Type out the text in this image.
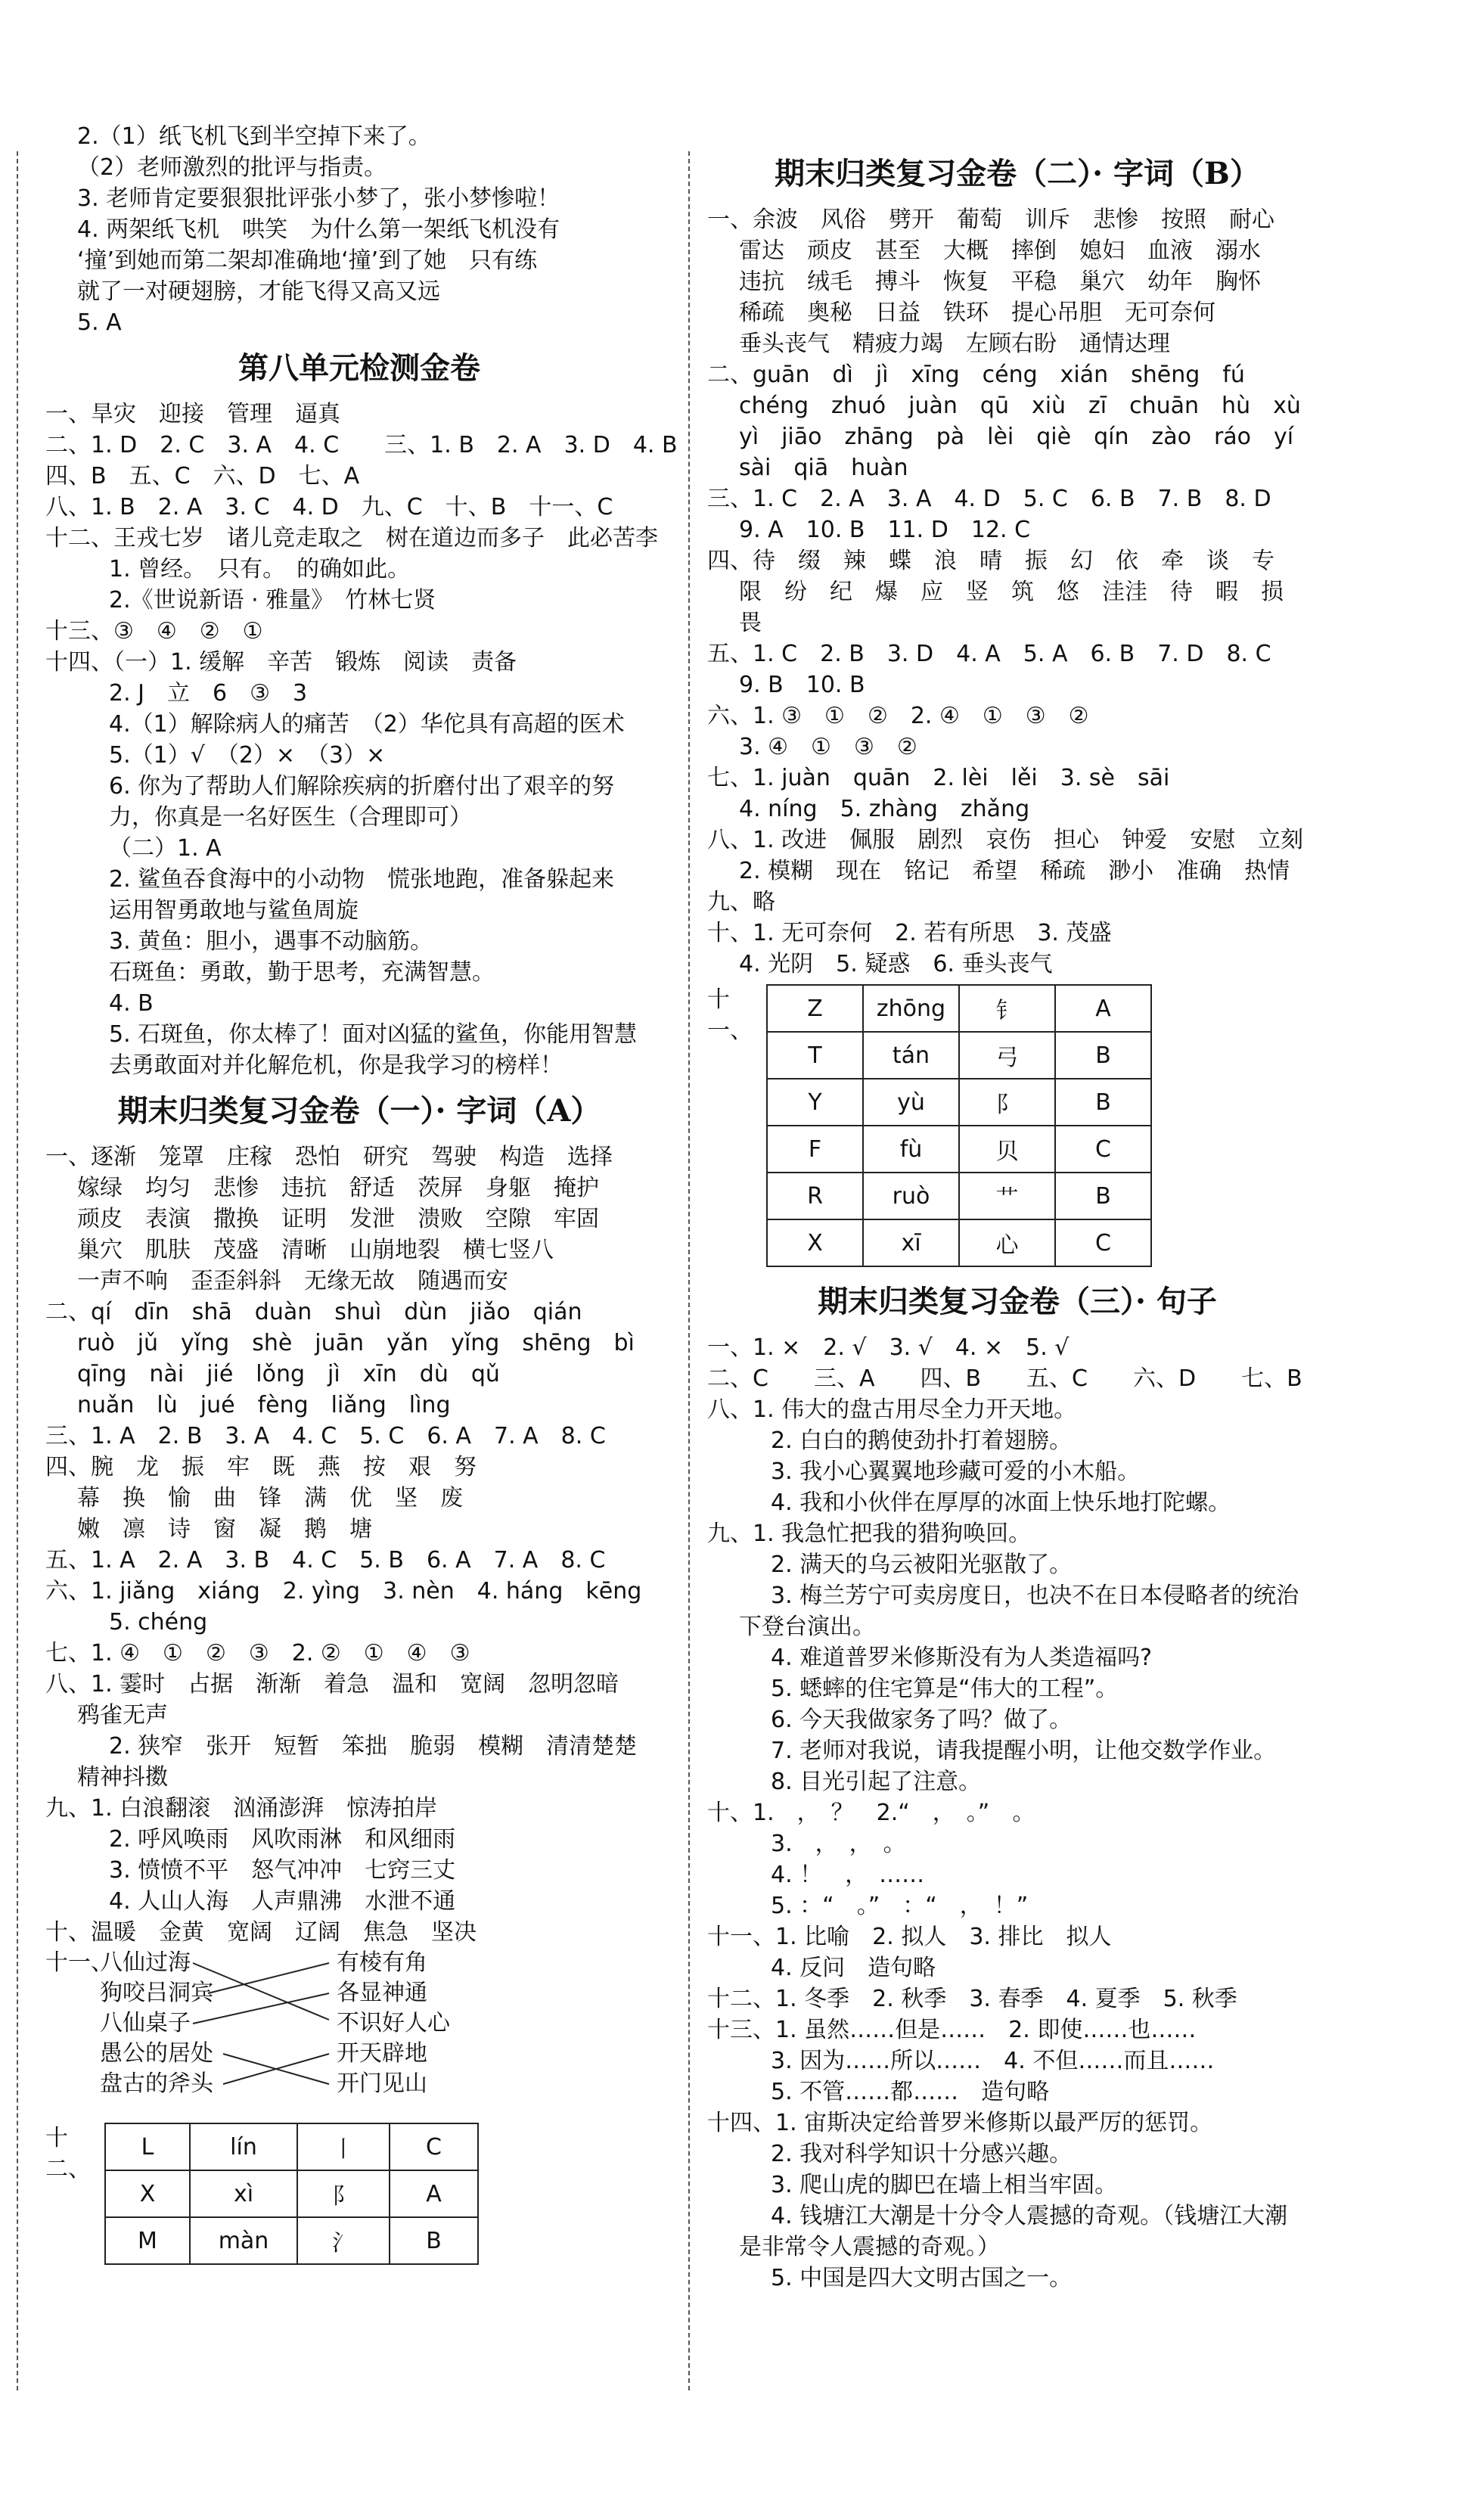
2.（1）纸飞机飞到半空掉下来了。
（2）老师激烈的批评与指责。
3. 老师肯定要狠狠批评张小梦了，张小梦惨啦！
4. 两架纸飞机　哄笑　为什么第一架纸飞机没有
‘撞’到她而第二架却准确地‘撞’到了她　只有练
就了一对硬翅膀，才能飞得又高又远
5. A
第八单元检测金卷
一、旱灾　迎接　管理　逼真
二、1. D　2. C　3. A　4. C　　三、1. B　2. A　3. D　4. B
四、B　五、C　六、D　七、A
八、1. B　2. A　3. C　4. D　九、C　十、B　十一、C
十二、王戎七岁　诸儿竞走取之　树在道边而多子　此必苦李
1. 曾经。　只有。　的确如此。
2.《世说新语 · 雅量》　竹林七贤
十三、③　④　②　①
十四、（一）1. 缓解　辛苦　锻炼　阅读　责备
2. J　立　6　③　3
4.（1）解除病人的痛苦　（2）华佗具有高超的医术
5.（1）√　（2）×　（3）×
6. 你为了帮助人们解除疾病的折磨付出了艰辛的努
力，你真是一名好医生（合理即可）
（二）1. A
2. 鲨鱼吞食海中的小动物　慌张地跑，准备躲起来
运用智勇敢地与鲨鱼周旋
3. 黄鱼：胆小，遇事不动脑筋。
石斑鱼：勇敢，勤于思考，充满智慧。
4. B
5. 石斑鱼，你太棒了！面对凶猛的鲨鱼，你能用智慧
去勇敢面对并化解危机，你是我学习的榜样！
期末归类复习金卷（一）· 字词（A）
一、逐渐　笼罩　庄稼　恐怕　研究　驾驶　构造　选择
嫁绿　均匀　悲惨　违抗　舒适　茨屏　身躯　掩护
顽皮　表演　撒换　证明　发泄　溃败　空隙　牢固
巢穴　肌肤　茂盛　清晰　山崩地裂　横七竖八
一声不响　歪歪斜斜　无缘无故　随遇而安
二、qí　dīn　shā　duàn　shuì　dùn　jiǎo　qián
ruò　jǔ　yǐng　shè　juān　yǎn　yǐng　shēng　bì
qīng　nài　jié　lǒng　jì　xīn　dù　qǔ
nuǎn　lù　jué　fèng　liǎng　lìng
三、1. A　2. B　3. A　4. C　5. C　6. A　7. A　8. C
四、腕　龙　振　牢　既　燕　按　艰　努
幕　换　愉　曲　锋　满　优　坚　废
嫩　凛　诗　窗　凝　鹅　塘
五、1. A　2. A　3. B　4. C　5. B　6. A　7. A　8. C
六、1. jiǎng　xiáng　2. yìng　3. nèn　4. háng　kēng
5. chéng
七、1. ④　①　②　③　2. ②　①　④　③
八、1. 霎时　占据　渐渐　着急　温和　宽阔　忽明忽暗
鸦雀无声
2. 狭窄　张开　短暂　笨拙　脆弱　模糊　清清楚楚
精神抖擞
九、1. 白浪翻滚　汹涌澎湃　惊涛拍岸
2. 呼风唤雨　风吹雨淋　和风细雨
3. 愤愤不平　怒气冲冲　七窍三丈
4. 人山人海　人声鼎沸　水泄不通
十、温暖　金黄　宽阔　辽阔　焦急　坚决
十一、
八仙过海
狗咬吕洞宾
八仙桌子
愚公的居处
盘古的斧头
有棱有角
各显神通
不识好人心
开天辟地
开门见山
十二、
L	lín	丨	C
X	xì	阝	A
M	màn	氵	B
期末归类复习金卷（二）· 字词（B）
一、余波　风俗　劈开　葡萄　训斥　悲惨　按照　耐心
雷达　顽皮　甚至　大概　摔倒　媳妇　血液　溺水
违抗　绒毛　搏斗　恢复　平稳　巢穴　幼年　胸怀
稀疏　奥秘　日益　铁环　提心吊胆　无可奈何
垂头丧气　精疲力竭　左顾右盼　通情达理
二、guān　dì　jì　xīng　céng　xián　shēng　fú
chéng　zhuó　juàn　qū　xiù　zī　chuān　hù　xù
yì　jiāo　zhāng　pà　lèi　qiè　qín　zào　ráo　yí
sài　qiā　huàn
三、1. C　2. A　3. A　4. D　5. C　6. B　7. B　8. D
9. A　10. B　11. D　12. C
四、待　缀　辣　蝶　浪　晴　振　幻　依　牵　谈　专
限　纷　纪　爆　应　竖　筑　悠　洼洼　待　暇　损
畏
五、1. C　2. B　3. D　4. A　5. A　6. B　7. D　8. C
9. B　10. B
六、1. ③　①　②　2. ④　①　③　②
3. ④　①　③　②
七、1. juàn　quān　2. lèi　lěi　3. sè　sāi
4. níng　5. zhàng　zhǎng
八、1. 改进　佩服　剧烈　哀伤　担心　钟爱　安慰　立刻
2. 模糊　现在　铭记　希望　稀疏　渺小　准确　热情
九、略
十、1. 无可奈何　2. 若有所思　3. 茂盛
4. 光阴　5. 疑惑　6. 垂头丧气
十一、
Z	zhōng	钅	A
T	tán	弓	B
Y	yù	阝	B
F	fù	贝	C
R	ruò	艹	B
X	xī	心	C
期末归类复习金卷（三）· 句子
一、1. ×　2. √　3. √　4. ×　5. √
二、C　　三、A　　四、B　　五、C　　六、D　　七、B
八、1. 伟大的盘古用尽全力开天地。
2. 白白的鹅使劲扑打着翅膀。
3. 我小心翼翼地珍藏可爱的小木船。
4. 我和小伙伴在厚厚的冰面上快乐地打陀螺。
九、1. 我急忙把我的猎狗唤回。
2. 满天的乌云被阳光驱散了。
3. 梅兰芳宁可卖房度日，也决不在日本侵略者的统治
下登台演出。
4. 难道普罗米修斯没有为人类造福吗?
5. 蟋蟀的住宅算是“伟大的工程”。
6. 今天我做家务了吗？做了。
7. 老师对我说，请我提醒小明，让他交数学作业。
8. 目光引起了注意。
十、1.　，　？　2.“　，　。”　。
3.　，　，　。
4. ！　，　……
5. ：“　。”　：“　，　！”
十一、1. 比喻　2. 拟人　3. 排比　拟人
4. 反问　造句略
十二、1. 冬季　2. 秋季　3. 春季　4. 夏季　5. 秋季
十三、1. 虽然……但是……　2. 即使……也……
3. 因为……所以……　4. 不但……而且……
5. 不管……都……　造句略
十四、1. 宙斯决定给普罗米修斯以最严厉的惩罚。
2. 我对科学知识十分感兴趣。
3. 爬山虎的脚巴在墙上相当牢固。
4. 钱塘江大潮是十分令人震撼的奇观。（钱塘江大潮
是非常令人震撼的奇观。）
5. 中国是四大文明古国之一。
